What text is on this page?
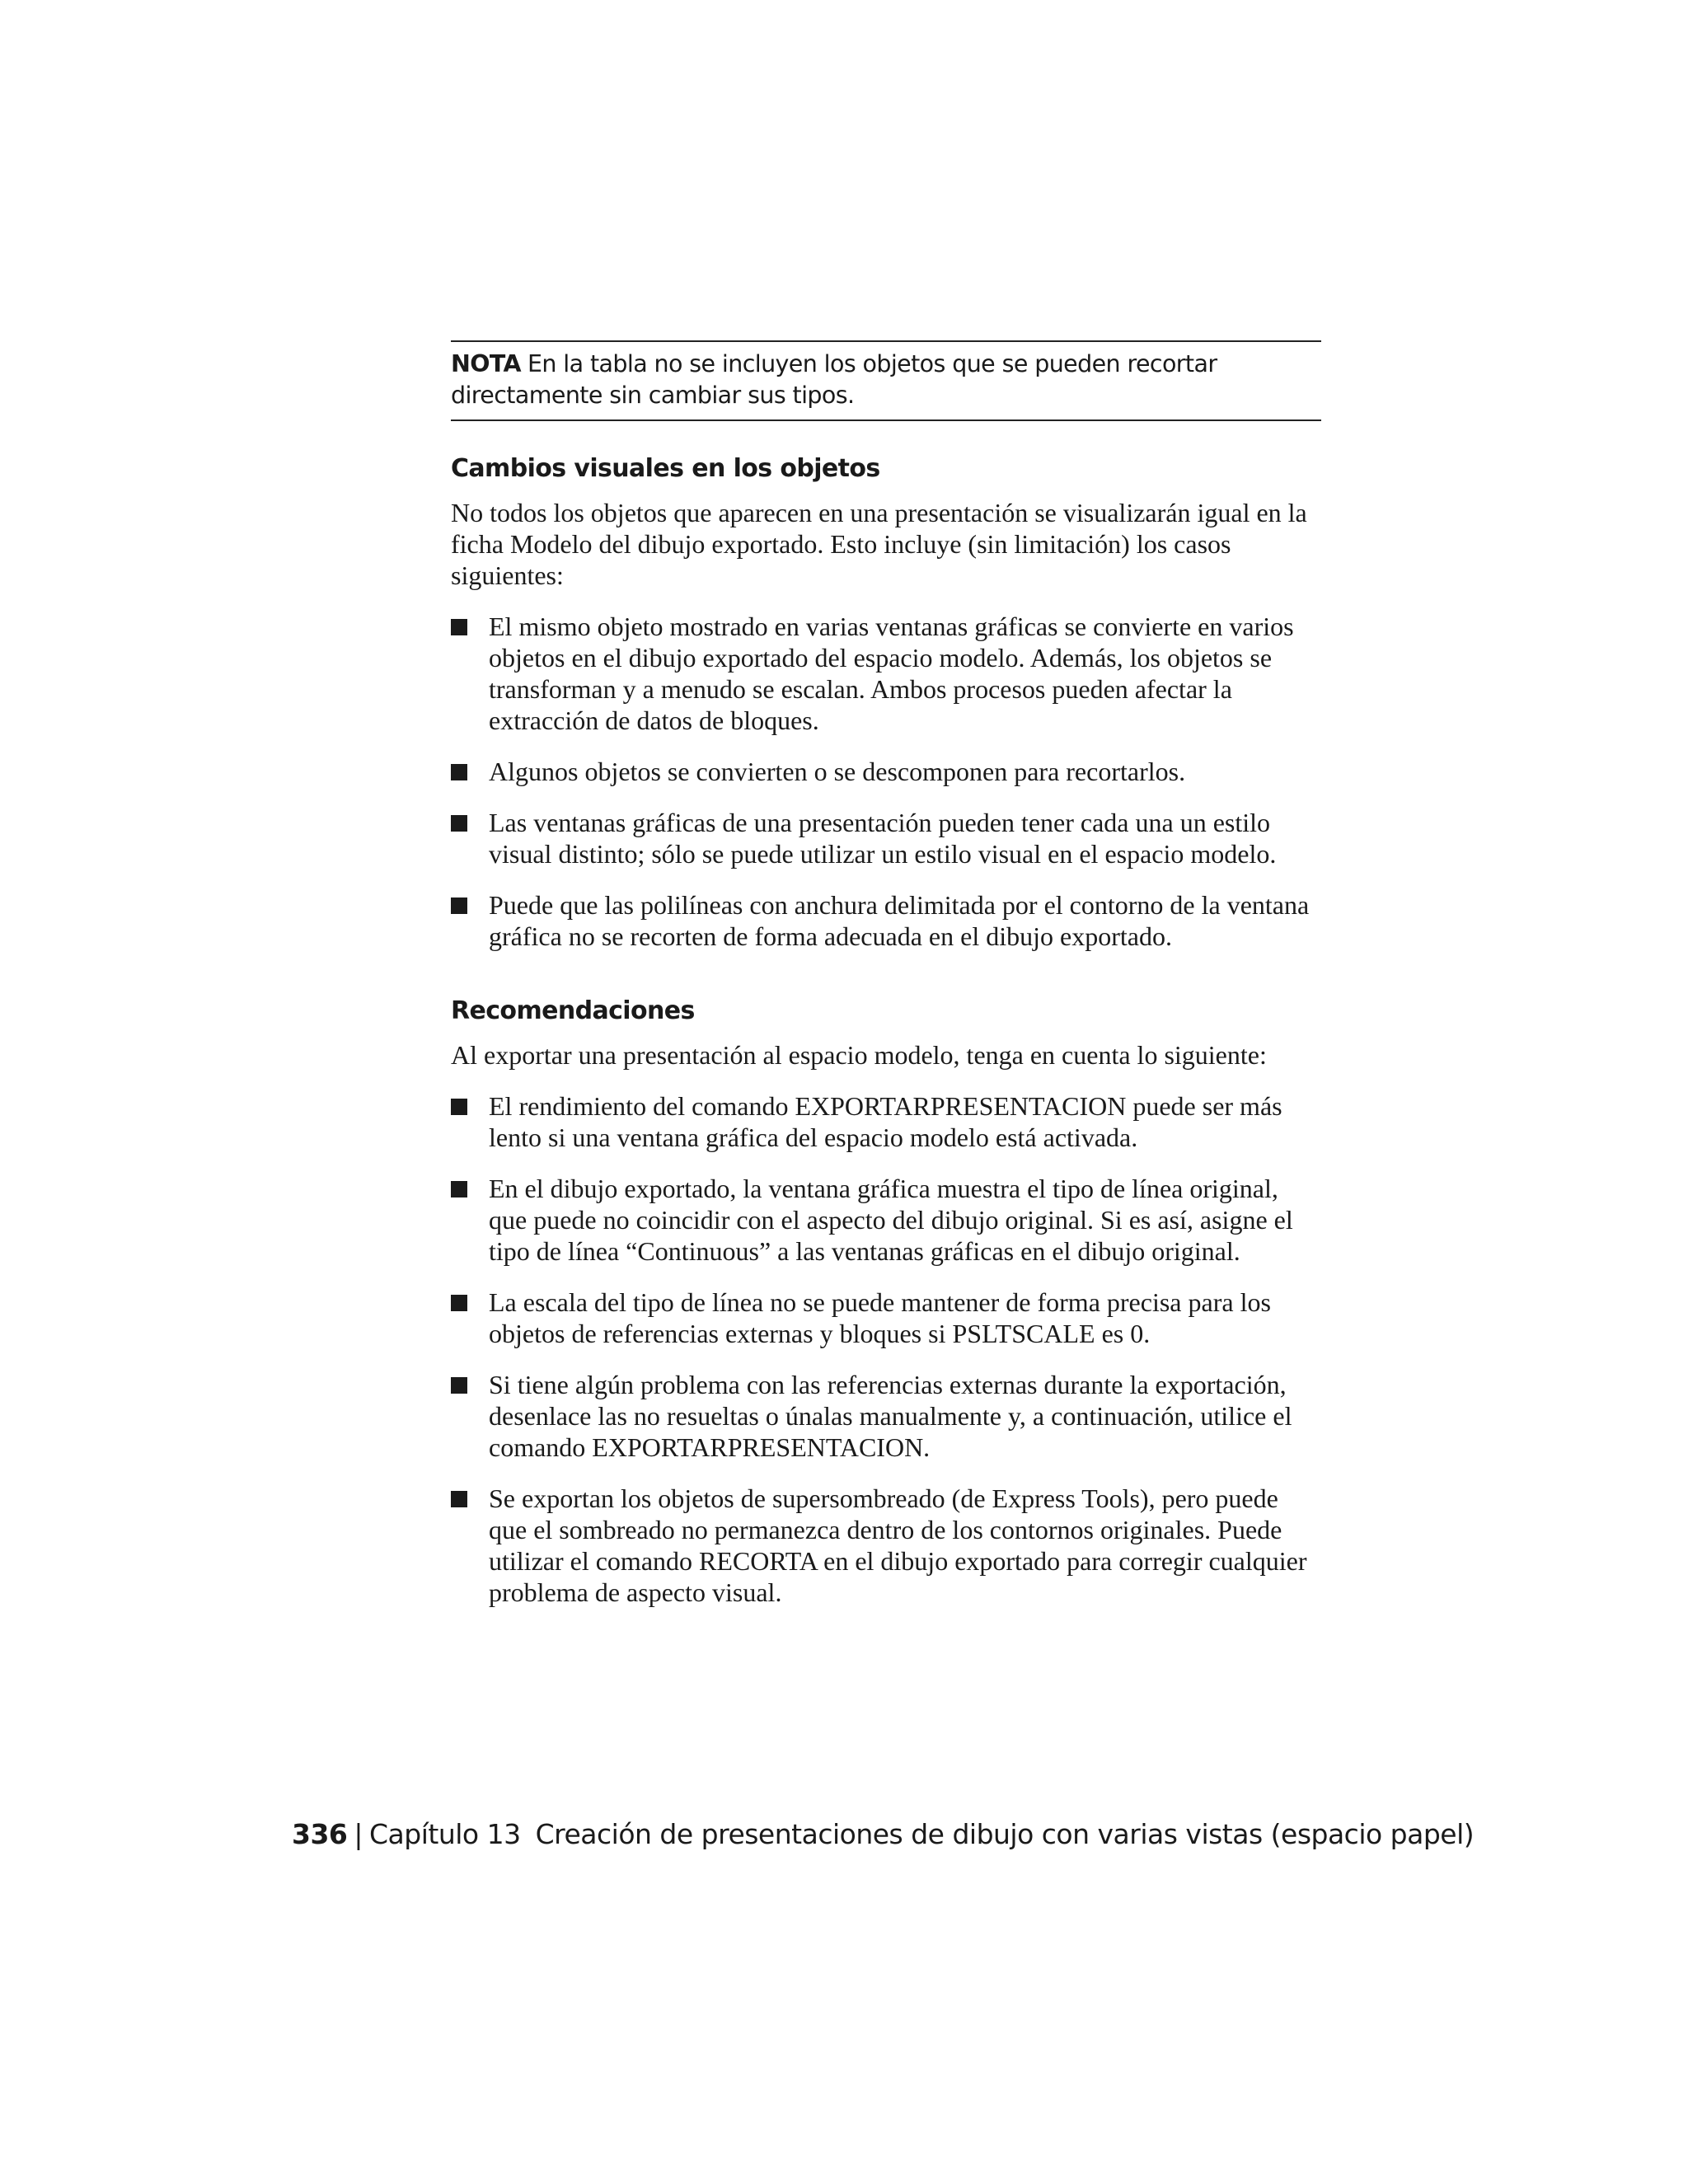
NOTA En la tabla no se incluyen los objetos que se pueden recortar directamente sin cambiar sus tipos.
Cambios visuales en los objetos

No todos los objetos que aparecen en una presentación se visualizarán igual en la ficha Modelo del dibujo exportado. Esto incluye (sin limitación) los casos siguientes:

El mismo objeto mostrado en varias ventanas gráficas se convierte en varios objetos en el dibujo exportado del espacio modelo. Además, los objetos se transforman y a menudo se escalan. Ambos procesos pueden afectar la extracción de datos de bloques.
Algunos objetos se convierten o se descomponen para recortarlos.
Las ventanas gráficas de una presentación pueden tener cada una un estilo visual distinto; sólo se puede utilizar un estilo visual en el espacio modelo.
Puede que las polilíneas con anchura delimitada por el contorno de la ventana gráfica no se recorten de forma adecuada en el dibujo exportado.
Recomendaciones

Al exportar una presentación al espacio modelo, tenga en cuenta lo siguiente:

El rendimiento del comando EXPORTARPRESENTACION puede ser más lento si una ventana gráfica del espacio modelo está activada.
En el dibujo exportado, la ventana gráfica muestra el tipo de línea original, que puede no coincidir con el aspecto del dibujo original. Si es así, asigne el tipo de línea “Continuous” a las ventanas gráficas en el dibujo original.
La escala del tipo de línea no se puede mantener de forma precisa para los objetos de referencias externas y bloques si PSLTSCALE es 0.
Si tiene algún problema con las referencias externas durante la exportación, desenlace las no resueltas o únalas manualmente y, a continuación, utilice el comando EXPORTARPRESENTACION.
Se exportan los objetos de supersombreado (de Express Tools), pero puede que el sombreado no permanezca dentro de los contornos originales. Puede utilizar el comando RECORTA en el dibujo exportado para corregir cualquier problema de aspecto visual.
336 | Capítulo 13 Creación de presentaciones de dibujo con varias vistas (espacio papel)
